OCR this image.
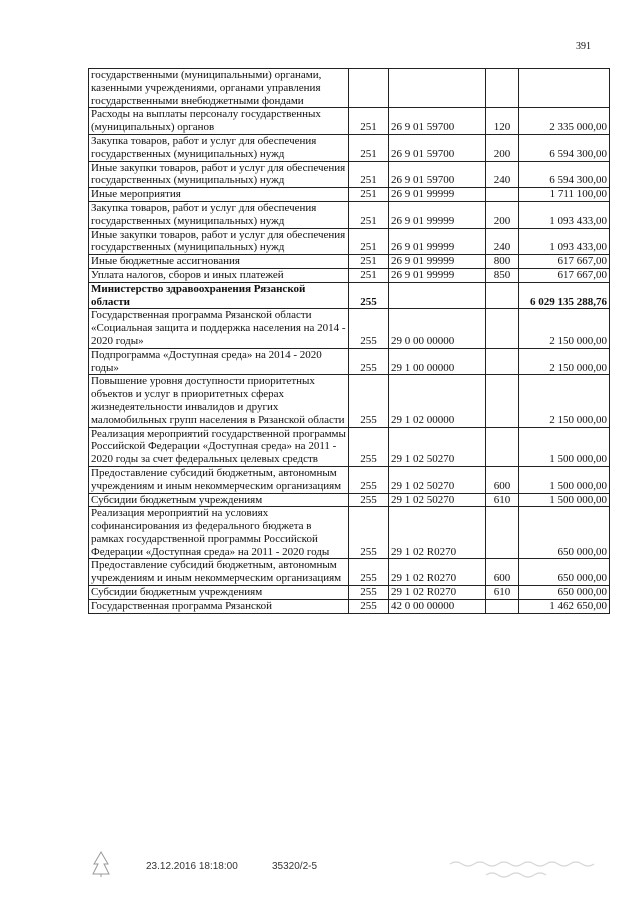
391
государственными (муниципальными) органами, казенными учреждениями, органами управления государственными внебюджетными фондами				
Расходы на выплаты персоналу государственных (муниципальных) органов	251	26 9 01 59700	120	2 335 000,00
Закупка товаров, работ и услуг для обеспечения государственных (муниципальных) нужд	251	26 9 01 59700	200	6 594 300,00
Иные закупки товаров, работ и услуг для обеспечения государственных (муниципальных) нужд	251	26 9 01 59700	240	6 594 300,00
Иные мероприятия	251	26 9 01 99999		1 711 100,00
Закупка товаров, работ и услуг для обеспечения государственных (муниципальных) нужд	251	26 9 01 99999	200	1 093 433,00
Иные закупки товаров, работ и услуг для обеспечения государственных (муниципальных) нужд	251	26 9 01 99999	240	1 093 433,00
Иные бюджетные ассигнования	251	26 9 01 99999	800	617 667,00
Уплата налогов, сборов и иных платежей	251	26 9 01 99999	850	617 667,00
Министерство здравоохранения Рязанской области	255			6 029 135 288,76
Государственная программа Рязанской области «Социальная защита и поддержка населения на 2014 - 2020 годы»	255	29 0 00 00000		2 150 000,00
Подпрограмма «Доступная среда» на 2014 - 2020 годы»	255	29 1 00 00000		2 150 000,00
Повышение уровня доступности приоритетных объектов и услуг в приоритетных сферах жизнедеятельности инвалидов и других маломобильных групп населения в Рязанской области	255	29 1 02 00000		2 150 000,00
Реализация мероприятий государственной программы Российской Федерации «Доступная среда» на 2011 - 2020 годы за счет федеральных целевых средств	255	29 1 02 50270		1 500 000,00
Предоставление субсидий бюджетным, автономным учреждениям и иным некоммерческим организациям	255	29 1 02 50270	600	1 500 000,00
Субсидии бюджетным учреждениям	255	29 1 02 50270	610	1 500 000,00
Реализация мероприятий на условиях софинансирования из федерального бюджета в рамках государственной программы Российской Федерации «Доступная среда» на 2011 - 2020 годы	255	29 1 02 R0270		650 000,00
Предоставление субсидий бюджетным, автономным учреждениям и иным некоммерческим организациям	255	29 1 02 R0270	600	650 000,00
Субсидии бюджетным учреждениям	255	29 1 02 R0270	610	650 000,00
Государственная программа Рязанской	255	42 0 00 00000		1 462 650,00
23.12.2016 18:18:00	35320/2-5
